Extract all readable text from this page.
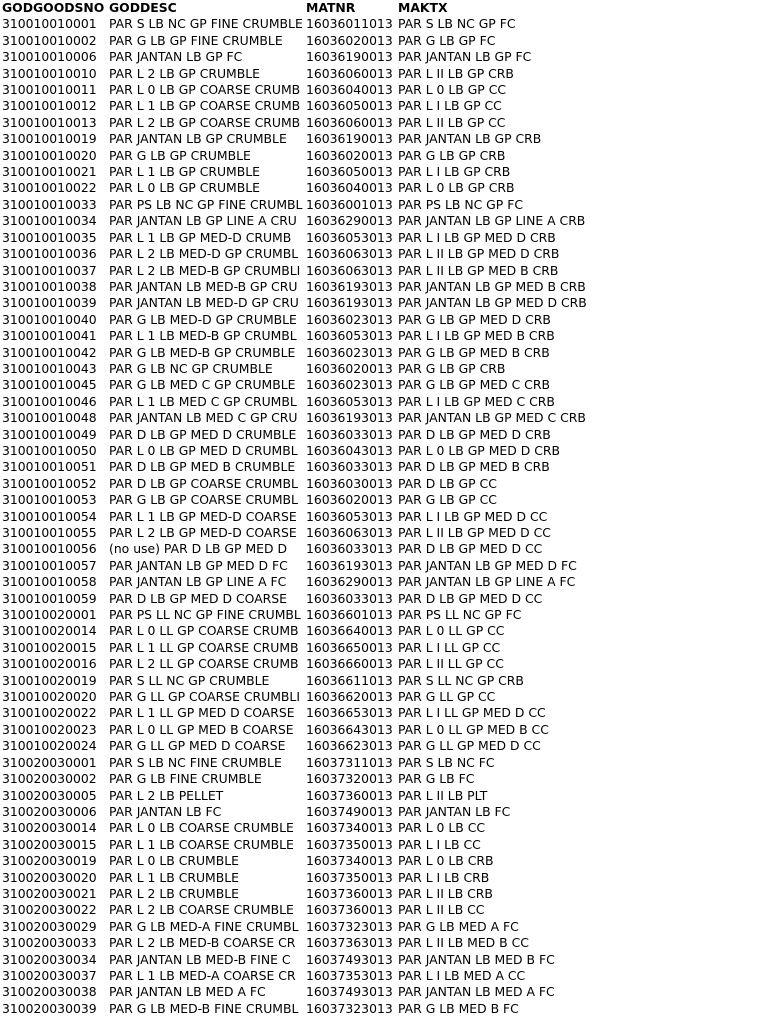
GODGOODSNO	GODDESC	MATNR	MAKTX
310010010001	PAR S LB NC GP FINE CRUMBLE	16036011013	PAR S LB NC GP FC
310010010002	PAR G LB GP FINE CRUMBLE	16036020013	PAR G LB GP FC
310010010006	PAR JANTAN LB GP FC	16036190013	PAR JANTAN LB GP FC
310010010010	PAR L 2 LB GP CRUMBLE	16036060013	PAR L II LB GP CRB
310010010011	PAR L 0 LB GP COARSE CRUMB	16036040013	PAR L 0 LB GP CC
310010010012	PAR L 1 LB GP COARSE CRUMB	16036050013	PAR L I LB GP CC
310010010013	PAR L 2 LB GP COARSE CRUMB	16036060013	PAR L II LB GP CC
310010010019	PAR JANTAN LB GP CRUMBLE	16036190013	PAR JANTAN LB GP CRB
310010010020	PAR G LB GP CRUMBLE	16036020013	PAR G LB GP CRB
310010010021	PAR L 1 LB GP CRUMBLE	16036050013	PAR L I LB GP CRB
310010010022	PAR L 0 LB GP CRUMBLE	16036040013	PAR L 0 LB GP CRB
310010010033	PAR PS LB NC GP FINE CRUMBL	16036001013	PAR PS LB NC GP FC
310010010034	PAR JANTAN LB GP LINE A CRU	16036290013	PAR JANTAN LB GP LINE A CRB
310010010035	PAR L 1 LB GP MED-D CRUMB	16036053013	PAR L I LB GP MED D CRB
310010010036	PAR L 2 LB MED-D GP CRUMBL	16036063013	PAR L II LB GP MED D CRB
310010010037	PAR L 2 LB MED-B GP CRUMBLI	16036063013	PAR L II LB GP MED B CRB
310010010038	PAR JANTAN LB MED-B GP CRU	16036193013	PAR JANTAN LB GP MED B CRB
310010010039	PAR JANTAN LB MED-D GP CRU	16036193013	PAR JANTAN LB GP MED D CRB
310010010040	PAR G LB MED-D GP CRUMBLE	16036023013	PAR G LB GP MED D CRB
310010010041	PAR L 1 LB MED-B GP CRUMBL	16036053013	PAR L I LB GP MED B CRB
310010010042	PAR G LB MED-B GP CRUMBLE	16036023013	PAR G LB GP MED B CRB
310010010043	PAR G LB NC GP CRUMBLE	16036020013	PAR G LB GP CRB
310010010045	PAR G LB MED C GP CRUMBLE	16036023013	PAR G LB GP MED C CRB
310010010046	PAR L 1 LB MED C GP CRUMBL	16036053013	PAR L I LB GP MED C CRB
310010010048	PAR JANTAN LB MED C GP CRU	16036193013	PAR JANTAN LB GP MED C CRB
310010010049	PAR D LB GP MED D CRUMBLE	16036033013	PAR D LB GP MED D CRB
310010010050	PAR L 0 LB GP MED D CRUMBL	16036043013	PAR L 0 LB GP MED D CRB
310010010051	PAR D LB GP MED B CRUMBLE	16036033013	PAR D LB GP MED B CRB
310010010052	PAR D LB GP COARSE CRUMBL	16036030013	PAR D LB GP CC
310010010053	PAR G LB GP COARSE CRUMBL	16036020013	PAR G LB GP CC
310010010054	PAR L 1 LB GP MED-D COARSE	16036053013	PAR L I LB GP MED D CC
310010010055	PAR L 2 LB GP MED-D COARSE	16036063013	PAR L II LB GP MED D CC
310010010056	(no use) PAR D LB GP MED D	16036033013	PAR D LB GP MED D CC
310010010057	PAR JANTAN LB GP MED D FC	16036193013	PAR JANTAN LB GP MED D FC
310010010058	PAR JANTAN LB GP LINE A FC	16036290013	PAR JANTAN LB GP LINE A FC
310010010059	PAR D LB GP MED D COARSE	16036033013	PAR D LB GP MED D CC
310010020001	PAR PS LL NC GP FINE CRUMBL	16036601013	PAR PS LL NC GP FC
310010020014	PAR L 0 LL GP COARSE CRUMB	16036640013	PAR L 0 LL GP CC
310010020015	PAR L 1 LL GP COARSE CRUMB	16036650013	PAR L I LL GP CC
310010020016	PAR L 2 LL GP COARSE CRUMB	16036660013	PAR L II LL GP CC
310010020019	PAR S LL NC GP CRUMBLE	16036611013	PAR S LL NC GP CRB
310010020020	PAR G LL GP COARSE CRUMBLI	16036620013	PAR G LL GP CC
310010020022	PAR L 1 LL GP MED D COARSE	16036653013	PAR L I LL GP MED D CC
310010020023	PAR L 0 LL GP MED B COARSE	16036643013	PAR L 0 LL GP MED B CC
310010020024	PAR G LL GP MED D COARSE	16036623013	PAR G LL GP MED D CC
310020030001	PAR S LB NC FINE CRUMBLE	16037311013	PAR S LB NC FC
310020030002	PAR G LB FINE CRUMBLE	16037320013	PAR G LB FC
310020030005	PAR L 2 LB PELLET	16037360013	PAR L II LB PLT
310020030006	PAR JANTAN LB FC	16037490013	PAR JANTAN LB FC
310020030014	PAR L 0 LB COARSE CRUMBLE	16037340013	PAR L 0 LB CC
310020030015	PAR L 1 LB COARSE CRUMBLE	16037350013	PAR L I LB CC
310020030019	PAR L 0 LB CRUMBLE	16037340013	PAR L 0 LB CRB
310020030020	PAR L 1 LB CRUMBLE	16037350013	PAR L I LB CRB
310020030021	PAR L 2 LB CRUMBLE	16037360013	PAR L II LB CRB
310020030022	PAR L 2 LB COARSE CRUMBLE	16037360013	PAR L II LB CC
310020030029	PAR G LB MED-A FINE CRUMBL	16037323013	PAR G LB MED A FC
310020030033	PAR L 2 LB MED-B COARSE CR	16037363013	PAR L II LB MED B CC
310020030034	PAR JANTAN LB MED-B FINE C	16037493013	PAR JANTAN LB MED B FC
310020030037	PAR L 1 LB MED-A COARSE CR	16037353013	PAR L I LB MED A CC
310020030038	PAR JANTAN LB MED A FC	16037493013	PAR JANTAN LB MED A FC
310020030039	PAR G LB MED-B FINE CRUMBL	16037323013	PAR G LB MED B FC
